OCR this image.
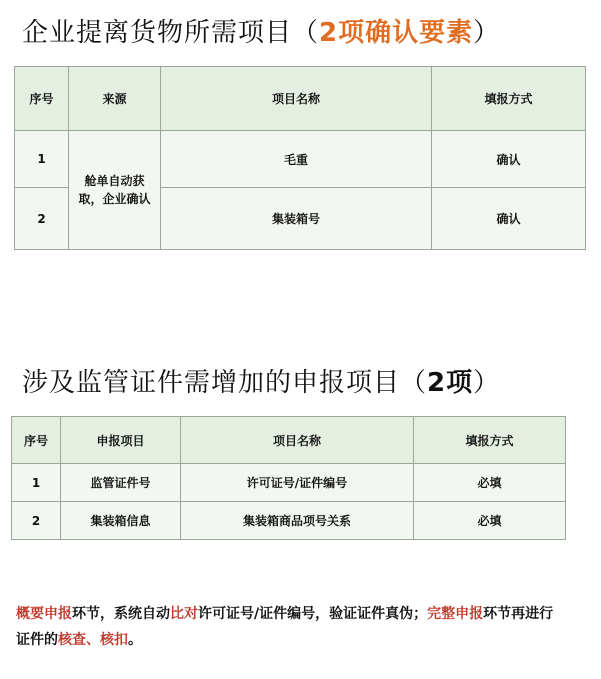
企业提离货物所需项目（2项确认要素）
序号	来源	项目名称	填报方式
1	舱单自动获取，企业确认	毛重	确认
2		集装箱号	确认
涉及监管证件需增加的申报项目（2项）
序号	申报项目	项目名称	填报方式
1	监管证件号	许可证号/证件编号	必填
2	集装箱信息	集装箱商品项号关系	必填

概要申报环节，系统自动比对许可证号/证件编号，验证证件真伪；完整申报环节再进行证件的核查、核扣。
